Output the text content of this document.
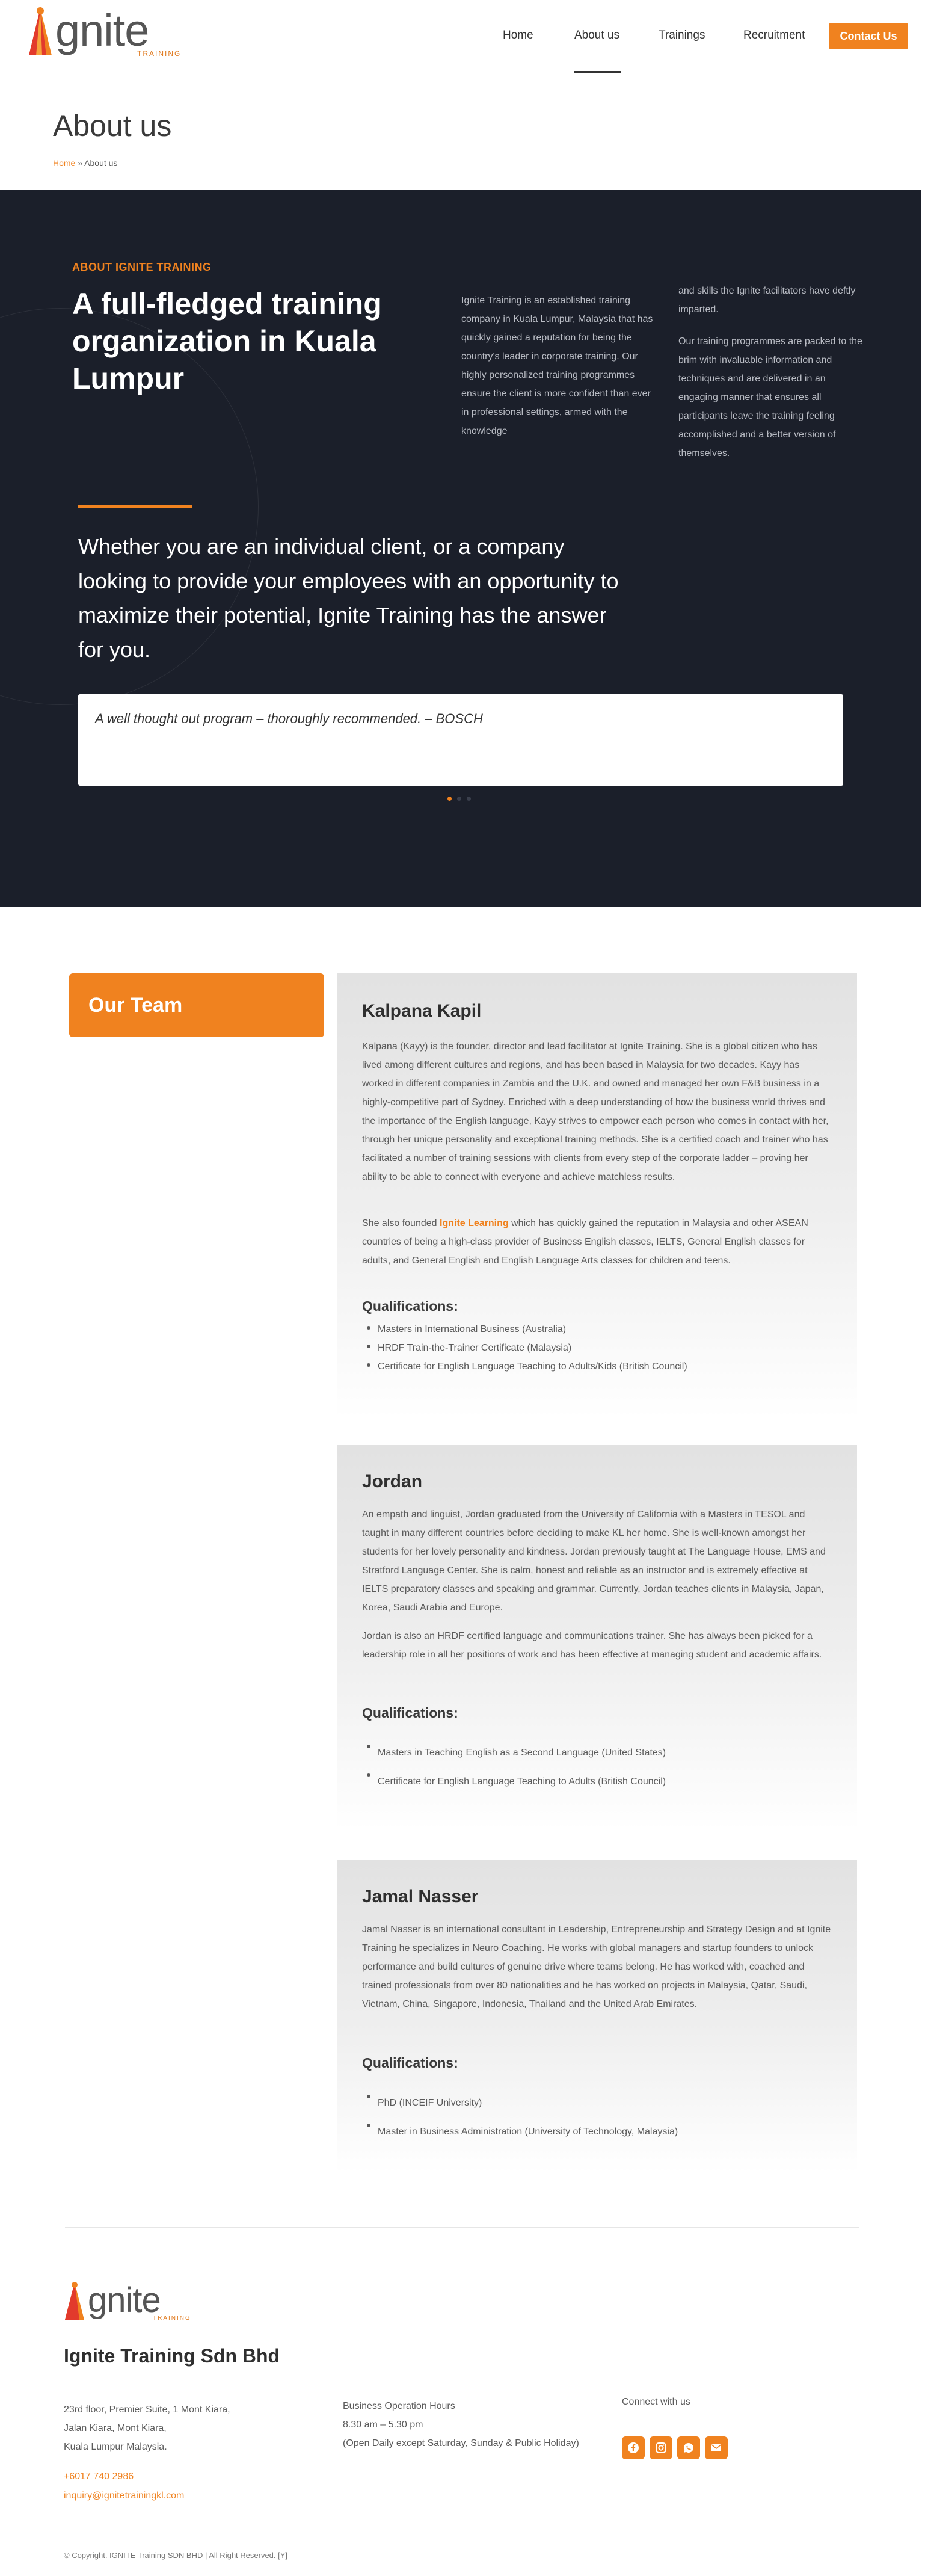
gnite
TRAINING
Home	About us	Trainings	Recruitment	Contact Us
About us
Home » About us
ABOUT IGNITE TRAINING
A full-fledged training organization in Kuala Lumpur

Ignite Training is an established training company in Kuala Lumpur, Malaysia that has quickly gained a reputation for being the country's leader in corporate training. Our highly personalized training programmes ensure the client is more confident than ever in professional settings, armed with the knowledge

and skills the Ignite facilitators have deftly imparted.

Our training programmes are packed to the brim with invaluable information and techniques and are delivered in an engaging manner that ensures all participants leave the training feeling accomplished and a better version of themselves.

Whether you are an individual client, or a company looking to provide your employees with an opportunity to maximize their potential, Ignite Training has the answer for you.

A well thought out program – thoroughly recommended. – BOSCH

Our Team	Kalpana Kapil

Kalpana (Kayy) is the founder, director and lead facilitator at Ignite Training. She is a global citizen who has lived among different cultures and regions, and has been based in Malaysia for two decades. Kayy has worked in different companies in Zambia and the U.K. and owned and managed her own F&B business in a highly-competitive part of Sydney. Enriched with a deep understanding of how the business world thrives and the importance of the English language, Kayy strives to empower each person who comes in contact with her, through her unique personality and exceptional training methods. She is a certified coach and trainer who has facilitated a number of training sessions with clients from every step of the corporate ladder – proving her ability to be able to connect with everyone and achieve matchless results.

She also founded Ignite Learning which has quickly gained the reputation in Malaysia and other ASEAN countries of being a high-class provider of Business English classes, IELTS, General English classes for adults, and General English and English Language Arts classes for children and teens.

Qualifications:
Masters in International Business (Australia)
HRDF Train-the-Trainer Certificate (Malaysia)
Certificate for English Language Teaching to Adults/Kids (British Council)
Jordan

An empath and linguist, Jordan graduated from the University of California with a Masters in TESOL and taught in many different countries before deciding to make KL her home. She is well-known amongst her students for her lovely personality and kindness. Jordan previously taught at The Language House, EMS and Stratford Language Center. She is calm, honest and reliable as an instructor and is extremely effective at IELTS preparatory classes and speaking and grammar. Currently, Jordan teaches clients in Malaysia, Japan, Korea, Saudi Arabia and Europe.

Jordan is also an HRDF certified language and communications trainer. She has always been picked for a leadership role in all her positions of work and has been effective at managing student and academic affairs.

Qualifications:
Masters in Teaching English as a Second Language (United States)
Certificate for English Language Teaching to Adults (British Council)
Jamal Nasser

Jamal Nasser is an international consultant in Leadership, Entrepreneurship and Strategy Design and at Ignite Training he specializes in Neuro Coaching. He works with global managers and startup founders to unlock performance and build cultures of genuine drive where teams belong. He has worked with, coached and trained professionals from over 80 nationalities and he has worked on projects in Malaysia, Qatar, Saudi, Vietnam, China, Singapore, Indonesia, Thailand and the United Arab Emirates.

Qualifications:
PhD (INCEIF University)
Master in Business Administration (University of Technology, Malaysia)
gnite
TRAINING
Ignite Training Sdn Bhd
23rd floor, Premier Suite, 1 Mont Kiara,
Jalan Kiara, Mont Kiara,
Kuala Lumpur Malaysia.
+6017 740 2986
inquiry@ignitetrainingkl.com
Business Operation Hours
8.30 am – 5.30 pm
(Open Daily except Saturday, Sunday & Public Holiday)
Connect with us
© Copyright. IGNITE Training SDN BHD | All Right Reserved. [Y]
